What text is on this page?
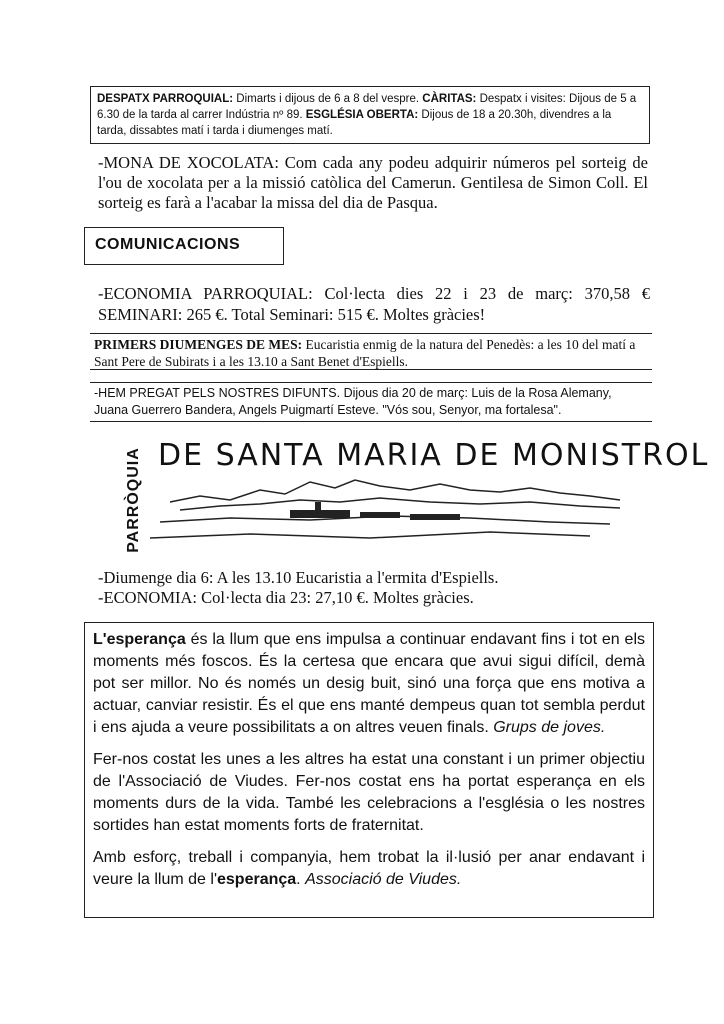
DESPATX PARROQUIAL: Dimarts i dijous de 6 a 8 del vespre. CÀRITAS: Despatx i visites: Dijous de 5 a 6.30 de la tarda al carrer Indústria nº 89. ESGLÉSIA OBERTA: Dijous de 18 a 20.30h, divendres a la tarda, dissabtes matí i tarda i diumenges matí.
-MONA DE XOCOLATA: Com cada any podeu adquirir números pel sorteig de l'ou de xocolata per a la missió catòlica del Camerun. Gentilesa de Simon Coll. El sorteig es farà a l'acabar la missa del dia de Pasqua.
COMUNICACIONS
-ECONOMIA PARROQUIAL: Col·lecta dies 22 i 23 de març: 370,58 € SEMINARI: 265 €. Total Seminari: 515 €. Moltes gràcies!
PRIMERS DIUMENGES DE MES: Eucaristia enmig de la natura del Penedès: a les 10 del matí a Sant Pere de Subirats i a les 13.10 a Sant Benet d'Espiells.
-HEM PREGAT PELS NOSTRES DIFUNTS. Dijous dia 20 de març: Luis de la Rosa Alemany, Juana Guerrero Bandera, Angels Puigmartí Esteve. "Vós sou, Senyor, ma fortalesa".
PARRÒQUIA DE SANTA MARIA DE MONISTROL
-Diumenge dia 6: A les 13.10 Eucaristia a l'ermita d'Espiells.
-ECONOMIA: Col·lecta dia 23: 27,10 €. Moltes gràcies.

L'esperança és la llum que ens impulsa a continuar endavant fins i tot en els moments més foscos. És la certesa que encara que avui sigui difícil, demà pot ser millor. No és només un desig buit, sinó una força que ens motiva a actuar, canviar resistir. És el que ens manté dempeus quan tot sembla perdut i ens ajuda a veure possibilitats a on altres veuen finals. Grups de joves.

Fer-nos costat les unes a les altres ha estat una constant i un primer objectiu de l'Associació de Viudes. Fer-nos costat ens ha portat esperança en els moments durs de la vida. També les celebracions a l'església o les nostres sortides han estat moments forts de fraternitat.

Amb esforç, treball i companyia, hem trobat la il·lusió per anar endavant i veure la llum de l'esperança. Associació de Viudes.
